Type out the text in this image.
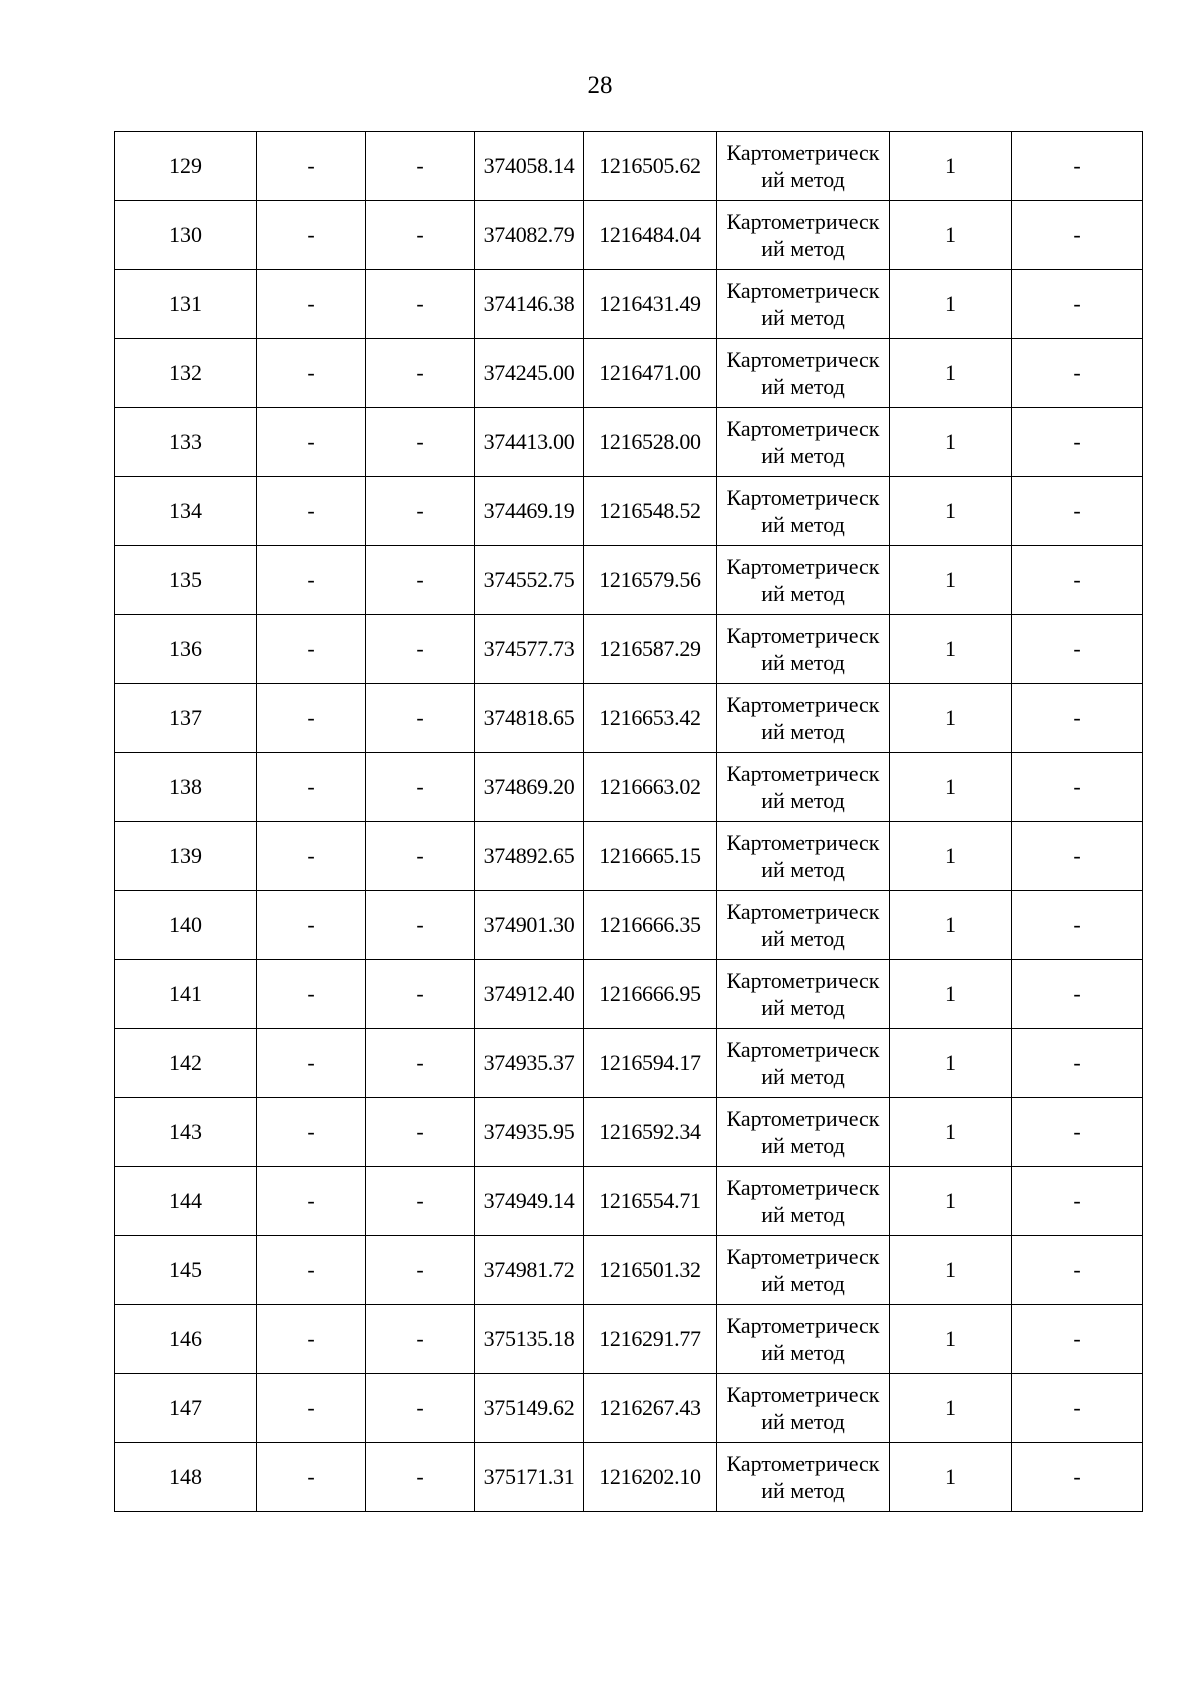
28
129	-	-	374058.14	1216505.62	Картометрический метод	1	-
130	-	-	374082.79	1216484.04	Картометрический метод	1	-
131	-	-	374146.38	1216431.49	Картометрический метод	1	-
132	-	-	374245.00	1216471.00	Картометрический метод	1	-
133	-	-	374413.00	1216528.00	Картометрический метод	1	-
134	-	-	374469.19	1216548.52	Картометрический метод	1	-
135	-	-	374552.75	1216579.56	Картометрический метод	1	-
136	-	-	374577.73	1216587.29	Картометрический метод	1	-
137	-	-	374818.65	1216653.42	Картометрический метод	1	-
138	-	-	374869.20	1216663.02	Картометрический метод	1	-
139	-	-	374892.65	1216665.15	Картометрический метод	1	-
140	-	-	374901.30	1216666.35	Картометрический метод	1	-
141	-	-	374912.40	1216666.95	Картометрический метод	1	-
142	-	-	374935.37	1216594.17	Картометрический метод	1	-
143	-	-	374935.95	1216592.34	Картометрический метод	1	-
144	-	-	374949.14	1216554.71	Картометрический метод	1	-
145	-	-	374981.72	1216501.32	Картометрический метод	1	-
146	-	-	375135.18	1216291.77	Картометрический метод	1	-
147	-	-	375149.62	1216267.43	Картометрический метод	1	-
148	-	-	375171.31	1216202.10	Картометрический метод	1	-
